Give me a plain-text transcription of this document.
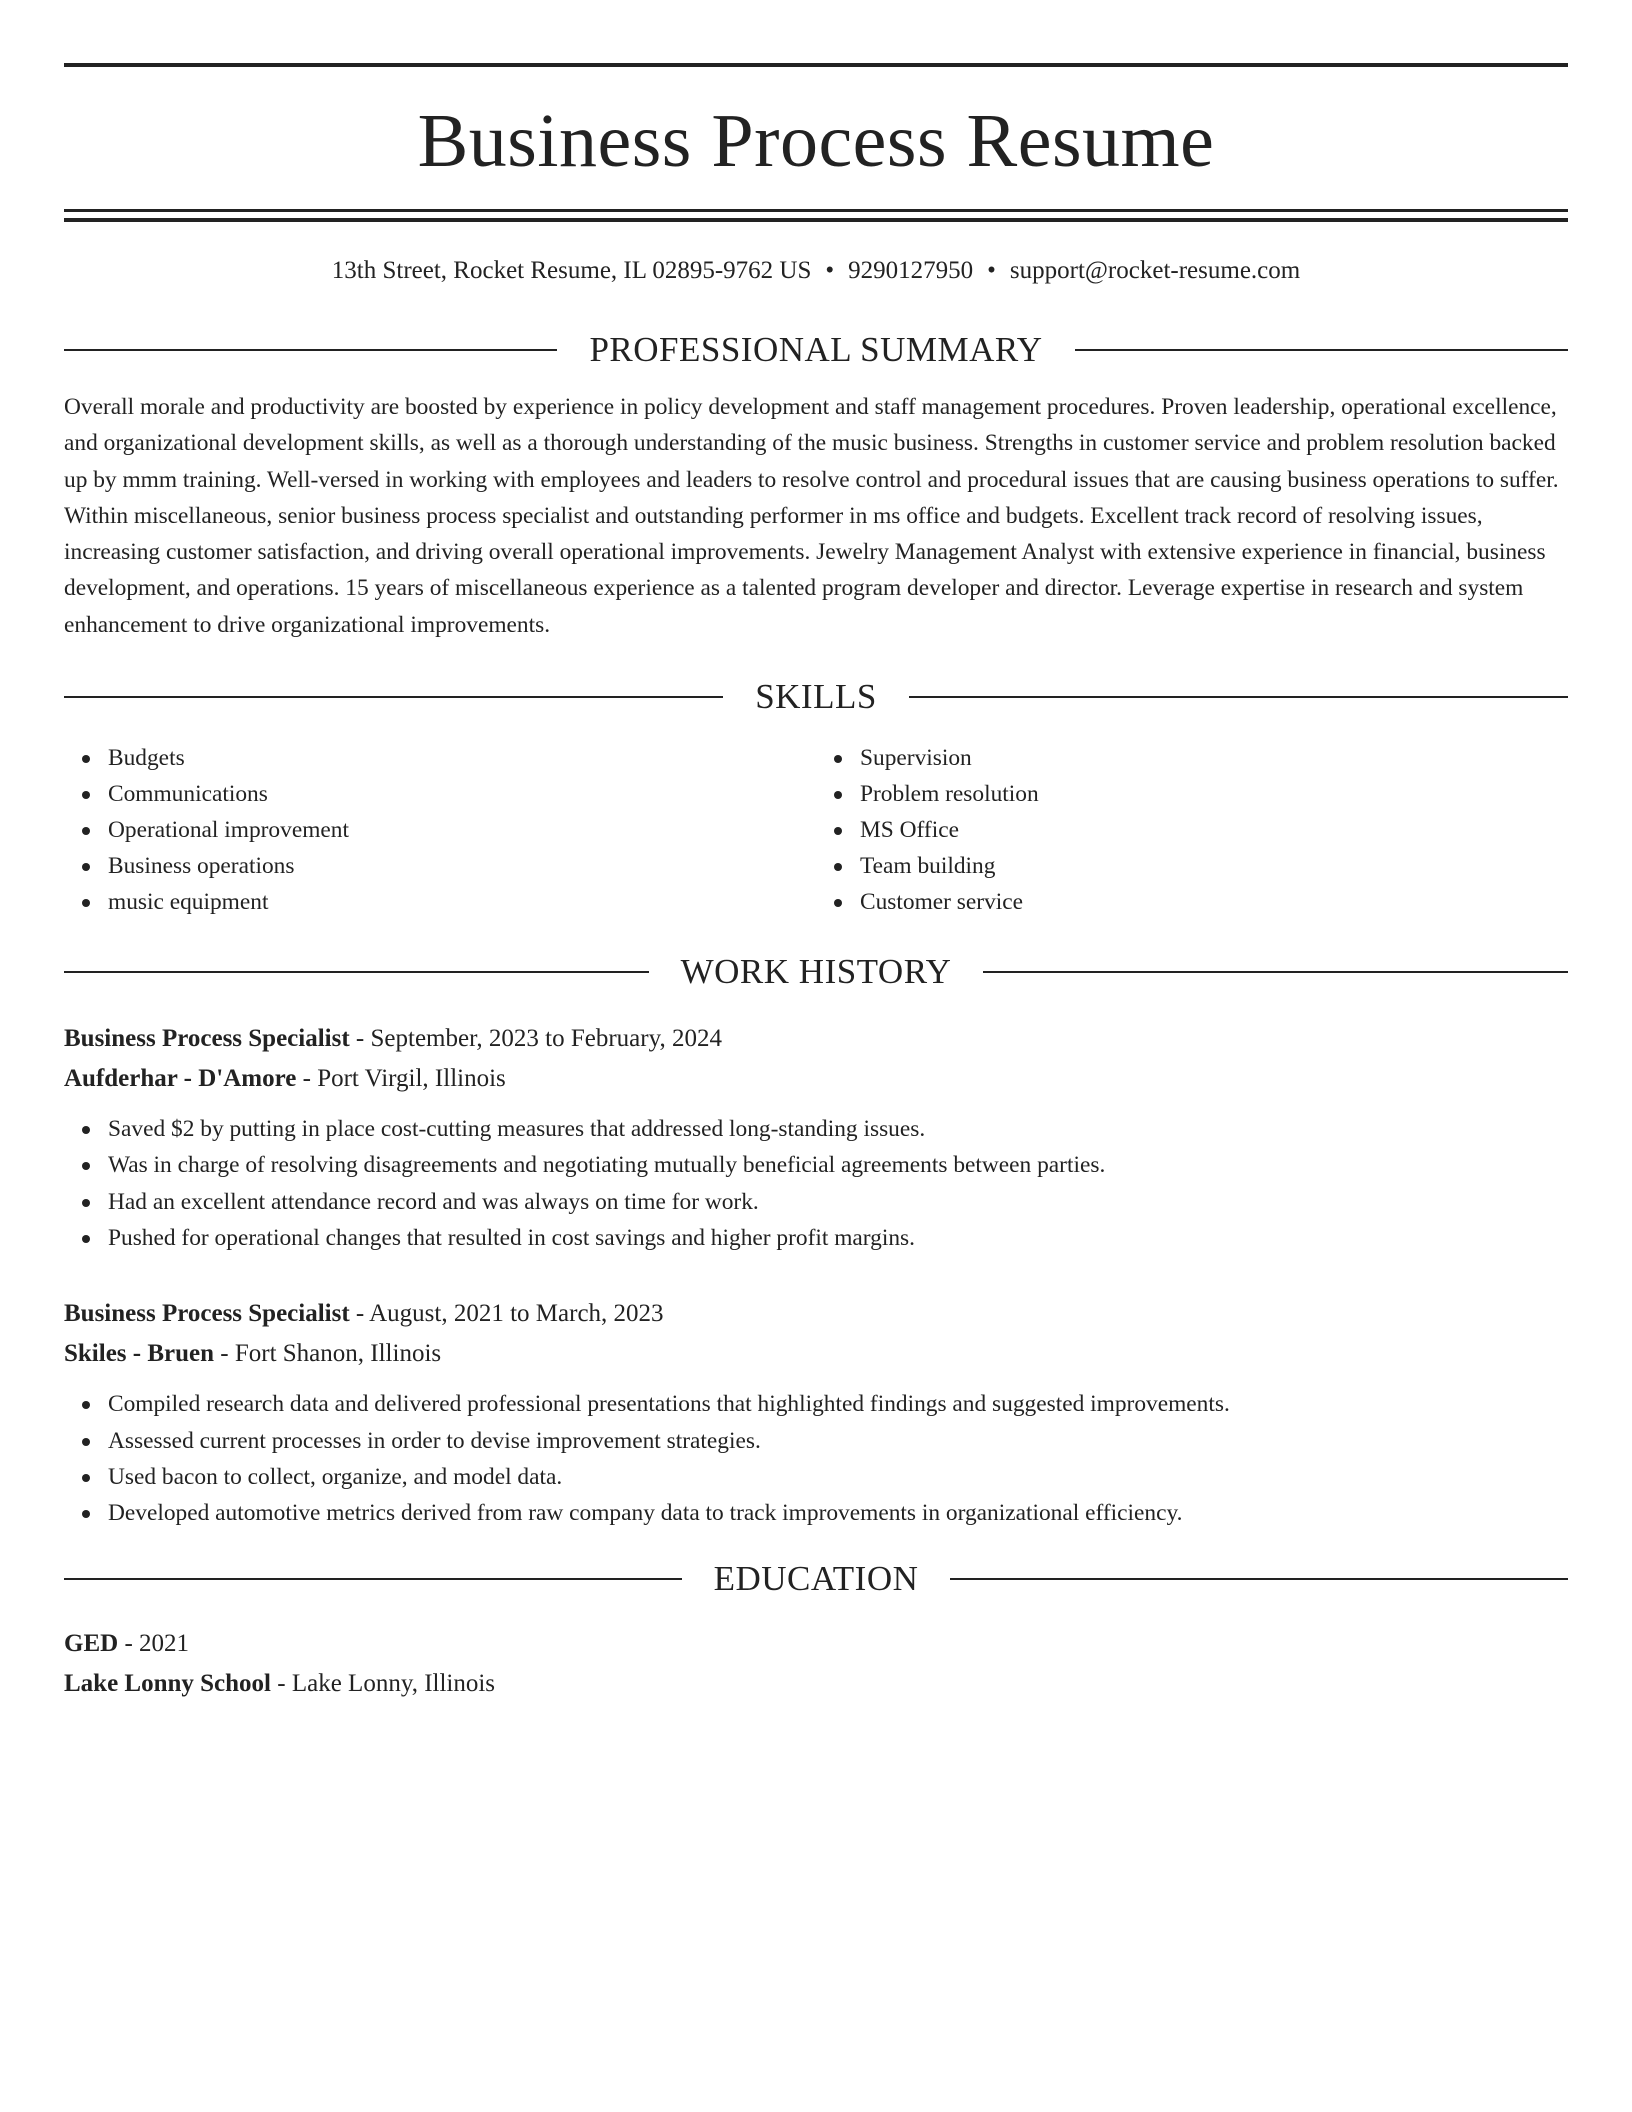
Business Process Resume
13th Street, Rocket Resume, IL 02895-9762 US • 9290127950 • support@rocket-resume.com
PROFESSIONAL SUMMARY

Overall morale and productivity are boosted by experience in policy development and staff management procedures. Proven leadership, operational excellence, and organizational development skills, as well as a thorough understanding of the music business. Strengths in customer service and problem resolution backed up by mmm training. Well-versed in working with employees and leaders to resolve control and procedural issues that are causing business operations to suffer. Within miscellaneous, senior business process specialist and outstanding performer in ms office and budgets. Excellent track record of resolving issues, increasing customer satisfaction, and driving overall operational improvements. Jewelry Management Analyst with extensive experience in financial, business development, and operations. 15 years of miscellaneous experience as a talented program developer and director. Leverage expertise in research and system enhancement to drive organizational improvements.

SKILLS
Budgets
Communications
Operational improvement
Business operations
music equipment
Supervision
Problem resolution
MS Office
Team building
Customer service
WORK HISTORY
Business Process Specialist - September, 2023 to February, 2024
Aufderhar - D'Amore - Port Virgil, Illinois
Saved $2 by putting in place cost-cutting measures that addressed long-standing issues.
Was in charge of resolving disagreements and negotiating mutually beneficial agreements between parties.
Had an excellent attendance record and was always on time for work.
Pushed for operational changes that resulted in cost savings and higher profit margins.
Business Process Specialist - August, 2021 to March, 2023
Skiles - Bruen - Fort Shanon, Illinois
Compiled research data and delivered professional presentations that highlighted findings and suggested improvements.
Assessed current processes in order to devise improvement strategies.
Used bacon to collect, organize, and model data.
Developed automotive metrics derived from raw company data to track improvements in organizational efficiency.
EDUCATION
GED - 2021
Lake Lonny School - Lake Lonny, Illinois
